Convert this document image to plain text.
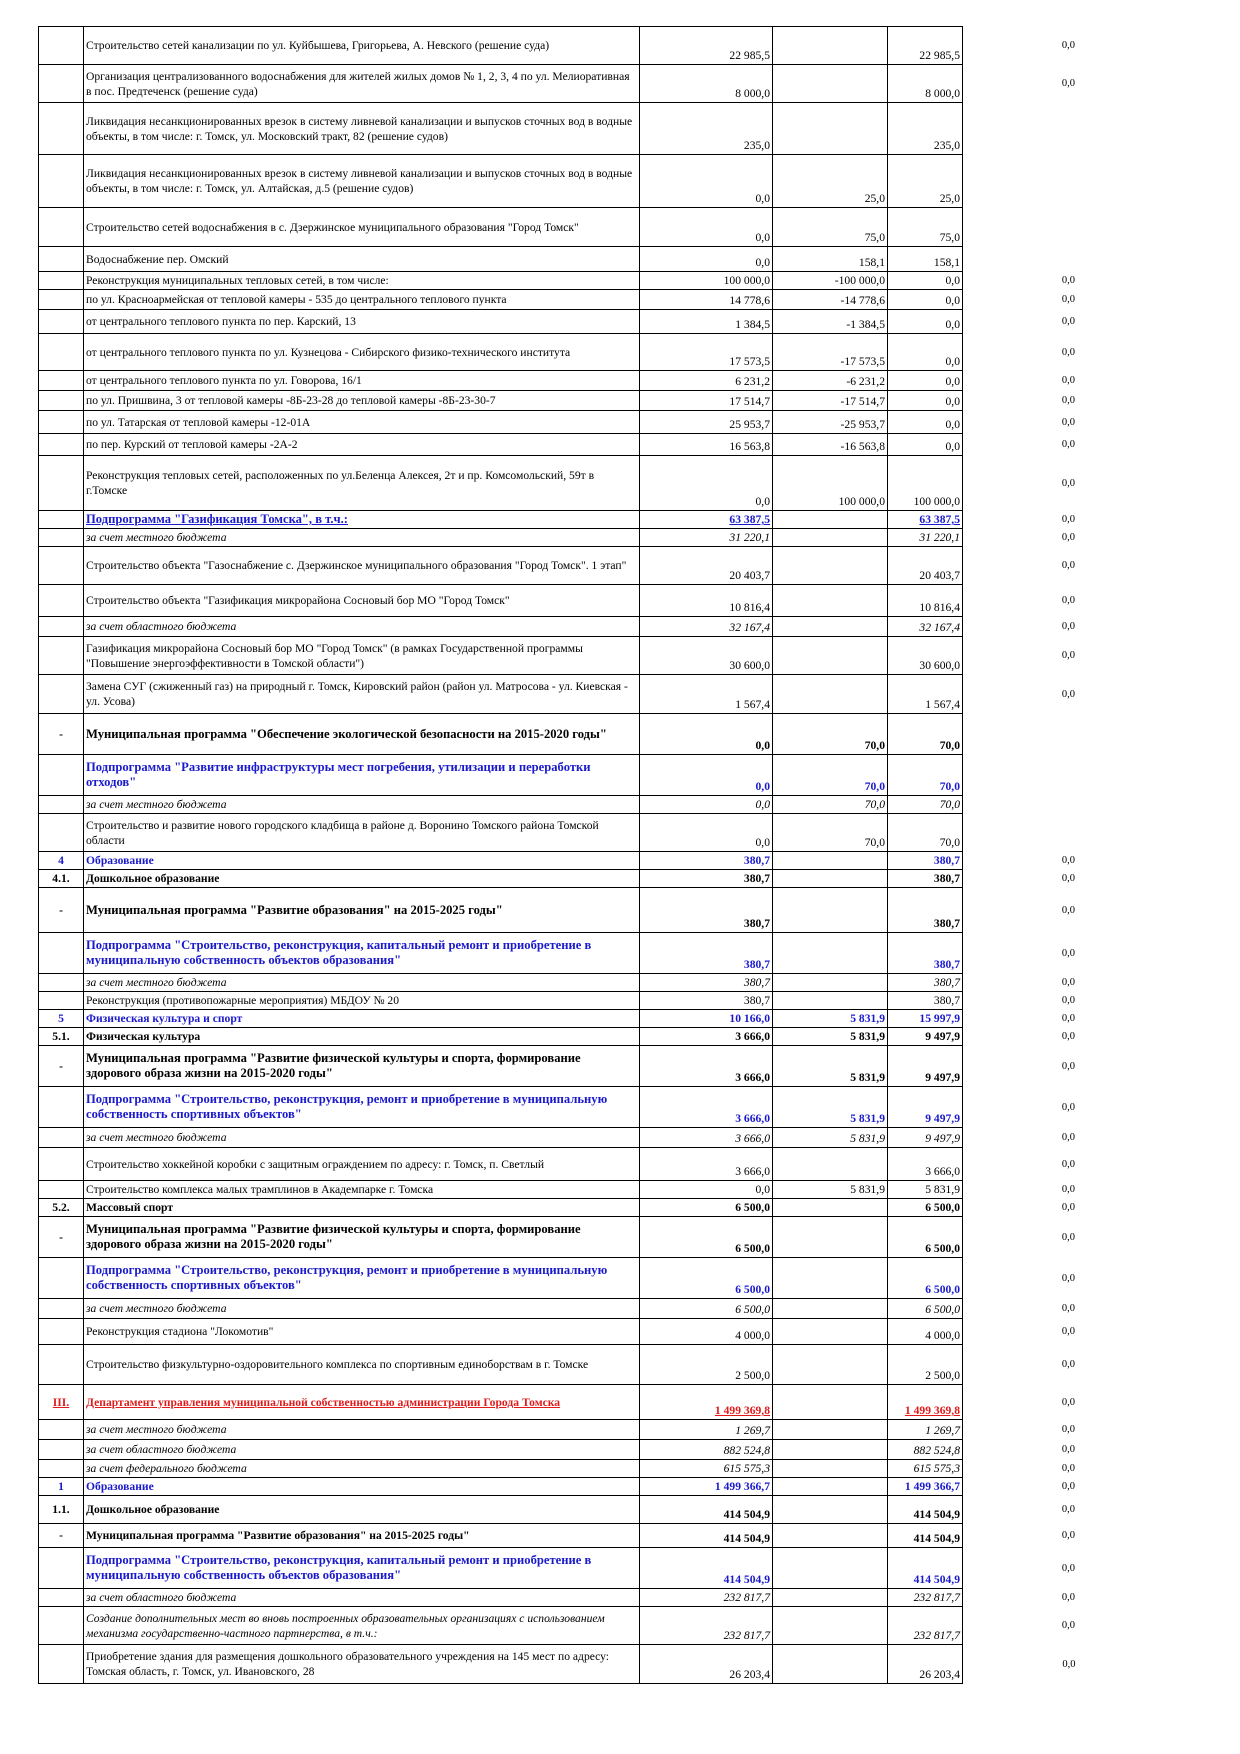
	Строительство сетей канализации по ул. Куйбышева, Григорьева, А. Невского (решение суда)	22 985,5		22 985,5	0,0
	Организация централизованного водоснабжения для жителей жилых домов № 1, 2, 3, 4 по ул. Мелиоративная в пос. Предтеченск (решение суда)	8 000,0		8 000,0	0,0
	Ликвидация несанкционированных врезок в систему ливневой канализации и выпусков сточных вод в водные объекты, в том числе: г. Томск, ул. Московский тракт, 82 (решение судов)	235,0		235,0	
	Ликвидация несанкционированных врезок в систему ливневой канализации и выпусков сточных вод в водные объекты, в том числе: г. Томск, ул. Алтайская, д.5 (решение судов)	0,0	25,0	25,0	
	Строительство сетей водоснабжения в с. Дзержинское муниципального образования "Город Томск"	0,0	75,0	75,0	
	Водоснабжение пер. Омский	0,0	158,1	158,1	
	Реконструкция муниципальных тепловых сетей, в том числе:	100 000,0	-100 000,0	0,0	0,0
	по ул. Красноармейская от тепловой камеры - 535 до центрального теплового пункта	14 778,6	-14 778,6	0,0	0,0
	от центрального теплового пункта по пер. Карский, 13	1 384,5	-1 384,5	0,0	0,0
	от центрального теплового пункта по ул. Кузнецова - Сибирского физико-технического института	17 573,5	-17 573,5	0,0	0,0
	от центрального теплового пункта по ул. Говорова, 16/1	6 231,2	-6 231,2	0,0	0,0
	по ул. Пришвина, 3 от тепловой камеры -8Б-23-28 до тепловой камеры -8Б-23-30-7	17 514,7	-17 514,7	0,0	0,0
	по ул. Татарская от тепловой камеры -12-01А	25 953,7	-25 953,7	0,0	0,0
	по пер. Курский от тепловой камеры -2А-2	16 563,8	-16 563,8	0,0	0,0
	Реконструкция тепловых сетей, расположенных по ул.Беленца Алексея, 2т и пр. Комсомольский, 59т в г.Томске	0,0	100 000,0	100 000,0	0,0
	Подпрограмма "Газификация Томска", в т.ч.:	63 387,5		63 387,5	0,0
	за счет местного бюджета	31 220,1		31 220,1	0,0
	Строительство объекта "Газоснабжение с. Дзержинское муниципального образования "Город Томск". 1 этап"	20 403,7		20 403,7	0,0
	Строительство объекта "Газификация микрорайона Сосновый бор МО "Город Томск"	10 816,4		10 816,4	0,0
	за счет областного бюджета	32 167,4		32 167,4	0,0
	Газификация микрорайона Сосновый бор МО "Город Томск" (в рамках Государственной программы "Повышение энергоэффективности в Томской области")	30 600,0		30 600,0	0,0
	Замена СУГ (сжиженный газ) на природный г. Томск, Кировский район (район ул. Матросова - ул. Киевская - ул. Усова)	1 567,4		1 567,4	0,0
-	Муниципальная программа "Обеспечение экологической безопасности на 2015-2020 годы"	0,0	70,0	70,0	
	Подпрограмма "Развитие инфраструктуры мест погребения, утилизации и переработки отходов"	0,0	70,0	70,0	
	за счет местного бюджета	0,0	70,0	70,0	
	Строительство и развитие нового городского кладбища в районе д. Воронино Томского района Томской области	0,0	70,0	70,0	
4	Образование	380,7		380,7	0,0
4.1.	Дошкольное образование	380,7		380,7	0,0
-	Муниципальная программа "Развитие образования" на 2015-2025 годы"	380,7		380,7	0,0
	Подпрограмма "Строительство, реконструкция, капитальный ремонт и приобретение в муниципальную собственность объектов образования"	380,7		380,7	0,0
	за счет местного бюджета	380,7		380,7	0,0
	Реконструкция (противопожарные мероприятия) МБДОУ № 20	380,7		380,7	0,0
5	Физическая культура и спорт	10 166,0	5 831,9	15 997,9	0,0
5.1.	Физическая культура	3 666,0	5 831,9	9 497,9	0,0
-	Муниципальная программа "Развитие физической культуры и спорта, формирование здорового образа жизни на 2015-2020 годы"	3 666,0	5 831,9	9 497,9	0,0
	Подпрограмма "Строительство, реконструкция, ремонт и приобретение в муниципальную собственность спортивных объектов"	3 666,0	5 831,9	9 497,9	0,0
	за счет местного бюджета	3 666,0	5 831,9	9 497,9	0,0
	Строительство хоккейной коробки с защитным ограждением по адресу: г. Томск, п. Светлый	3 666,0		3 666,0	0,0
	Строительство комплекса малых трамплинов в Академпарке г. Томска	0,0	5 831,9	5 831,9	0,0
5.2.	Массовый спорт	6 500,0		6 500,0	0,0
-	Муниципальная программа "Развитие физической культуры и спорта, формирование здорового образа жизни на 2015-2020 годы"	6 500,0		6 500,0	0,0
	Подпрограмма "Строительство, реконструкция, ремонт и приобретение в муниципальную собственность спортивных объектов"	6 500,0		6 500,0	0,0
	за счет местного бюджета	6 500,0		6 500,0	0,0
	Реконструкция стадиона "Локомотив"	4 000,0		4 000,0	0,0
	Строительство физкультурно-оздоровительного комплекса по спортивным единоборствам в г. Томске	2 500,0		2 500,0	0,0
III.	Департамент управления муниципальной собственностью администрации Города Томска	1 499 369,8		1 499 369,8	0,0
	за счет местного бюджета	1 269,7		1 269,7	0,0
	за счет областного бюджета	882 524,8		882 524,8	0,0
	за счет федерального бюджета	615 575,3		615 575,3	0,0
1	Образование	1 499 366,7		1 499 366,7	0,0
1.1.	Дошкольное образование	414 504,9		414 504,9	0,0
-	Муниципальная программа "Развитие образования" на 2015-2025 годы"	414 504,9		414 504,9	0,0
	Подпрограмма "Строительство, реконструкция, капитальный ремонт и приобретение в муниципальную собственность объектов образования"	414 504,9		414 504,9	0,0
	за счет областного бюджета	232 817,7		232 817,7	0,0
	Создание дополнительных мест во вновь построенных образовательных организациях с использованием механизма государственно-частного партнерства, в т.ч.:	232 817,7		232 817,7	0,0
	Приобретение здания для размещения дошкольного образовательного учреждения на 145 мест по адресу: Томская область, г. Томск, ул. Ивановского, 28	26 203,4		26 203,4	0,0
